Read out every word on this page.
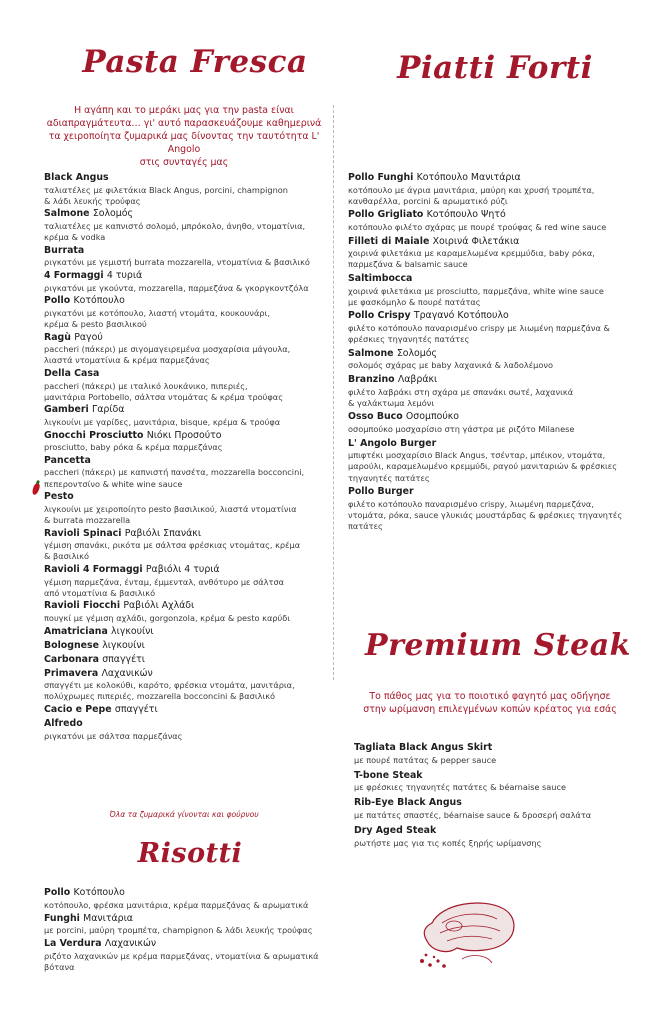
Pasta Fresca
Η αγάπη και το μεράκι μας για την pasta είναι
αδιαπραγμάτευτα… γι' αυτό παρασκευάζουμε καθημερινά
τα χειροποίητα ζυμαρικά μας δίνοντας την ταυτότητα L' Angolo
στις συνταγές μας
Black Angus
ταλιατέλες με φιλετάκια Black Angus, porcini, champignon
& λάδι λευκής τρούφας
Salmone Σολομός
ταλιατέλες με καπνιστό σολομό, μπρόκολο, άνηθο, ντοματίνια,
κρέμα & vodka
Burrata
ριγκατόνι με γεμιστή burrata mozzarella, ντοματίνια & βασιλικό
4 Formaggi 4 τυριά
ριγκατόνι με γκούντα, mozzarella, παρμεζάνα & γκοργκοντζόλα
Pollo Κοτόπουλο
ριγκατόνι με κοτόπουλο, λιαστή ντομάτα, κουκουνάρι,
κρέμα & pesto βασιλικού
Ragù Ραγού
paccheri (πάκερι) με σιγομαγειρεμένα μοσχαρίσια μάγουλα,
λιαστά ντοματίνια & κρέμα παρμεζάνας
Della Casa
paccheri (πάκερι) με ιταλικό λουκάνικο, πιπεριές,
μανιτάρια Portobello, σάλτσα ντομάτας & κρέμα τρούφας
Gamberi Γαρίδα
λιγκουίνι με γαρίδες, μανιτάρια, bisque, κρέμα & τρούφα
Gnocchi Prosciutto Νιόκι Προσούτο
prosciutto, baby ρόκα & κρέμα παρμεζάνας
Pancetta
paccheri (πάκερι) με καπνιστή πανσέτα, mozzarella bocconcini,
πεπεροντσίνο & white wine sauce
Pesto
λιγκουίνι με χειροποίητο pesto βασιλικού, λιαστά ντοματίνια
& burrata mozzarella
Ravioli Spinaci Ραβιόλι Σπανάκι
γέμιση σπανάκι, ρικότα με σάλτσα φρέσκιας ντομάτας, κρέμα
& βασιλικό
Ravioli 4 Formaggi Ραβιόλι 4 τυριά
γέμιση παρμεζάνα, ένταμ, έμμενταλ, ανθότυρο με σάλτσα
από ντοματίνια & βασιλικό
Ravioli Fiocchi Ραβιόλι Αχλάδι
πουγκί με γέμιση αχλάδι, gorgonzola, κρέμα & pesto καρύδι
Amatriciana λιγκουίνι
Bolognese λιγκουίνι
Carbonara σπαγγέτι
Primavera Λαχανικών
σπαγγέτι με κολοκύθι, καρότο, φρέσκια ντομάτα, μανιτάρια,
πολύχρωμες πιπεριές, mozzarella bocconcini & βασιλικό
Cacio e Pepe σπαγγέτι
Alfredo
ριγκατόνι με σάλτσα παρμεζάνας
Όλα τα ζυμαρικά γίνονται και φούρνου
Risotti
Pollo Κοτόπουλο
κοτόπουλο, φρέσκα μανιτάρια, κρέμα παρμεζάνας & αρωματικά
Funghi Μανιτάρια
με porcini, μαύρη τρομπέτα, champignon & λάδι λευκής τρούφας
La Verdura Λαχανικών
ριζότο λαχανικών με κρέμα παρμεζάνας, ντοματίνια & αρωματικά
βότανα
Piatti Forti
Pollo Funghi Κοτόπουλο Μανιτάρια
κοτόπουλο με άγρια μανιτάρια, μαύρη και χρυσή τρομπέτα,
κανθαρέλλα, porcini & αρωματικό ρύζι
Pollo Grigliato Κοτόπουλο Ψητό
κοτόπουλο φιλέτο σχάρας με πουρέ τρούφας & red wine sauce
Filleti di Maiale Χοιρινά Φιλετάκια
χοιρινά φιλετάκια με καραμελωμένα κρεμμύδια, baby ρόκα,
παρμεζάνα & balsamic sauce
Saltimbocca
χοιρινά φιλετάκια με prosciutto, παρμεζάνα, white wine sauce
με φασκόμηλο & πουρέ πατάτας
Pollo Crispy Τραγανό Κοτόπουλο
φιλέτο κοτόπουλο παναρισμένο crispy με λιωμένη παρμεζάνα &
φρέσκιες τηγανητές πατάτες
Salmone Σολομός
σολομός σχάρας με baby λαχανικά & λαδολέμονο
Branzino Λαβράκι
φιλέτο λαβράκι στη σχάρα με σπανάκι σωτέ, λαχανικά
& γαλάκτωμα λεμόνι
Osso Buco Οσομπούκο
οσομπούκο μοσχαρίσιο στη γάστρα με ριζότο Milanese
L' Angolo Burger
μπιφτέκι μοσχαρίσιο Black Angus, τσένταρ, μπέικον, ντομάτα,
μαρούλι, καραμελωμένο κρεμμύδι, ραγού μανιταριών & φρέσκιες
τηγανητές πατάτες
Pollo Burger
φιλέτο κοτόπουλο παναρισμένο crispy, λιωμένη παρμεζάνα,
ντομάτα, ρόκα, sauce γλυκιάς μουστάρδας & φρέσκιες τηγανητές
πατάτες
Premium Steak
Το πάθος μας για το ποιοτικό φαγητό μας οδήγησε
στην ωρίμανση επιλεγμένων κοπών κρέατος για εσάς
Tagliata Black Angus Skirt
με πουρέ πατάτας & pepper sauce
T-bone Steak
με φρέσκιες τηγανητές πατάτες & béarnaise sauce
Rib-Eye Black Angus
με πατάτες σπαστές, béarnaise sauce & δροσερή σαλάτα
Dry Aged Steak
ρωτήστε μας για τις κοπές ξηρής ωρίμανσης
